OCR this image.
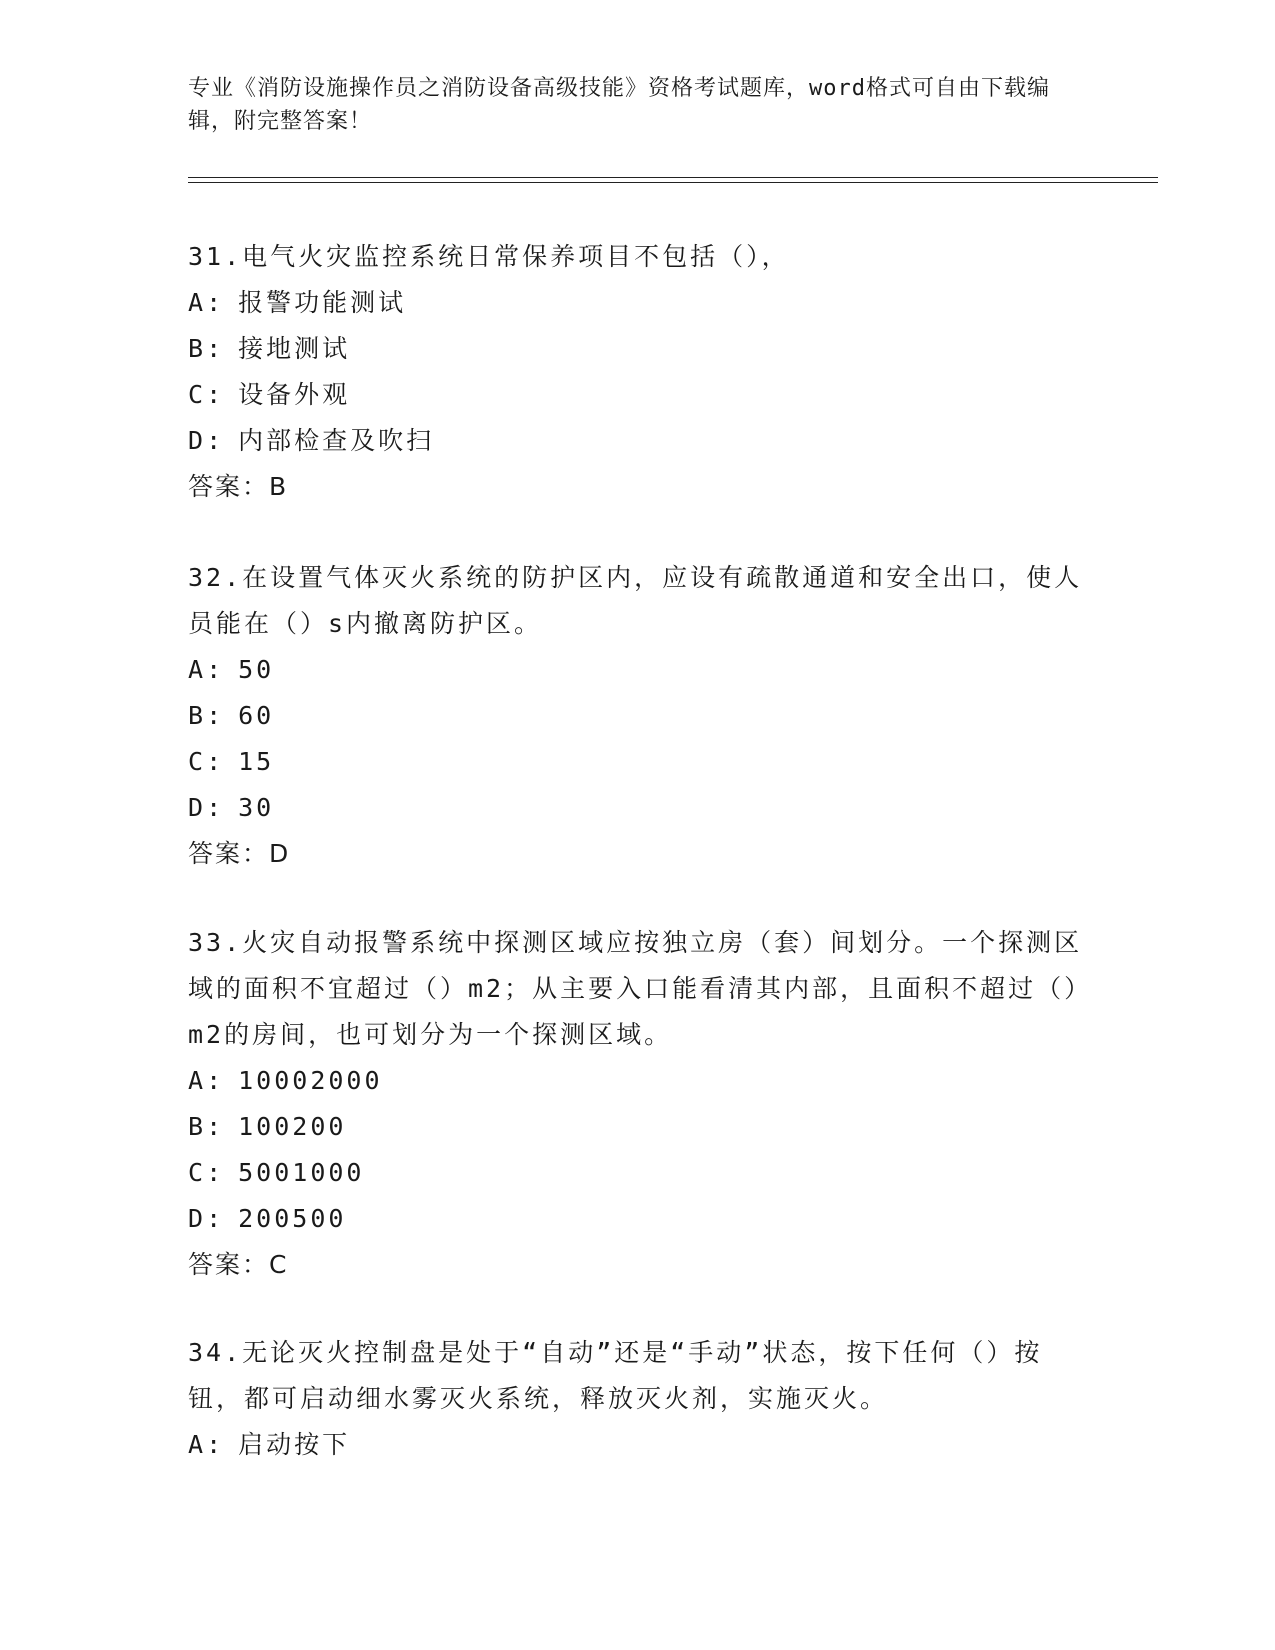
专业《消防设施操作员之消防设备高级技能》资格考试题库，word格式可自由下载编辑，附完整答案！

31.电气火灾监控系统日常保养项目不包括（），

A: 报警功能测试

B: 接地测试

C: 设备外观

D: 内部检查及吹扫

答案：B

32.在设置气体灭火系统的防护区内，应设有疏散通道和安全出口，使人员能在（）s内撤离防护区。

A: 50

B: 60

C: 15

D: 30

答案：D

33.火灾自动报警系统中探测区域应按独立房（套）间划分。一个探测区域的面积不宜超过（）m2；从主要入口能看清其内部，且面积不超过（）m2的房间，也可划分为一个探测区域。

A: 10002000

B: 100200

C: 5001000

D: 200500

答案：C

34.无论灭火控制盘是处于“自动”还是“手动”状态，按下任何（）按钮，都可启动细水雾灭火系统，释放灭火剂，实施灭火。

A: 启动按下
